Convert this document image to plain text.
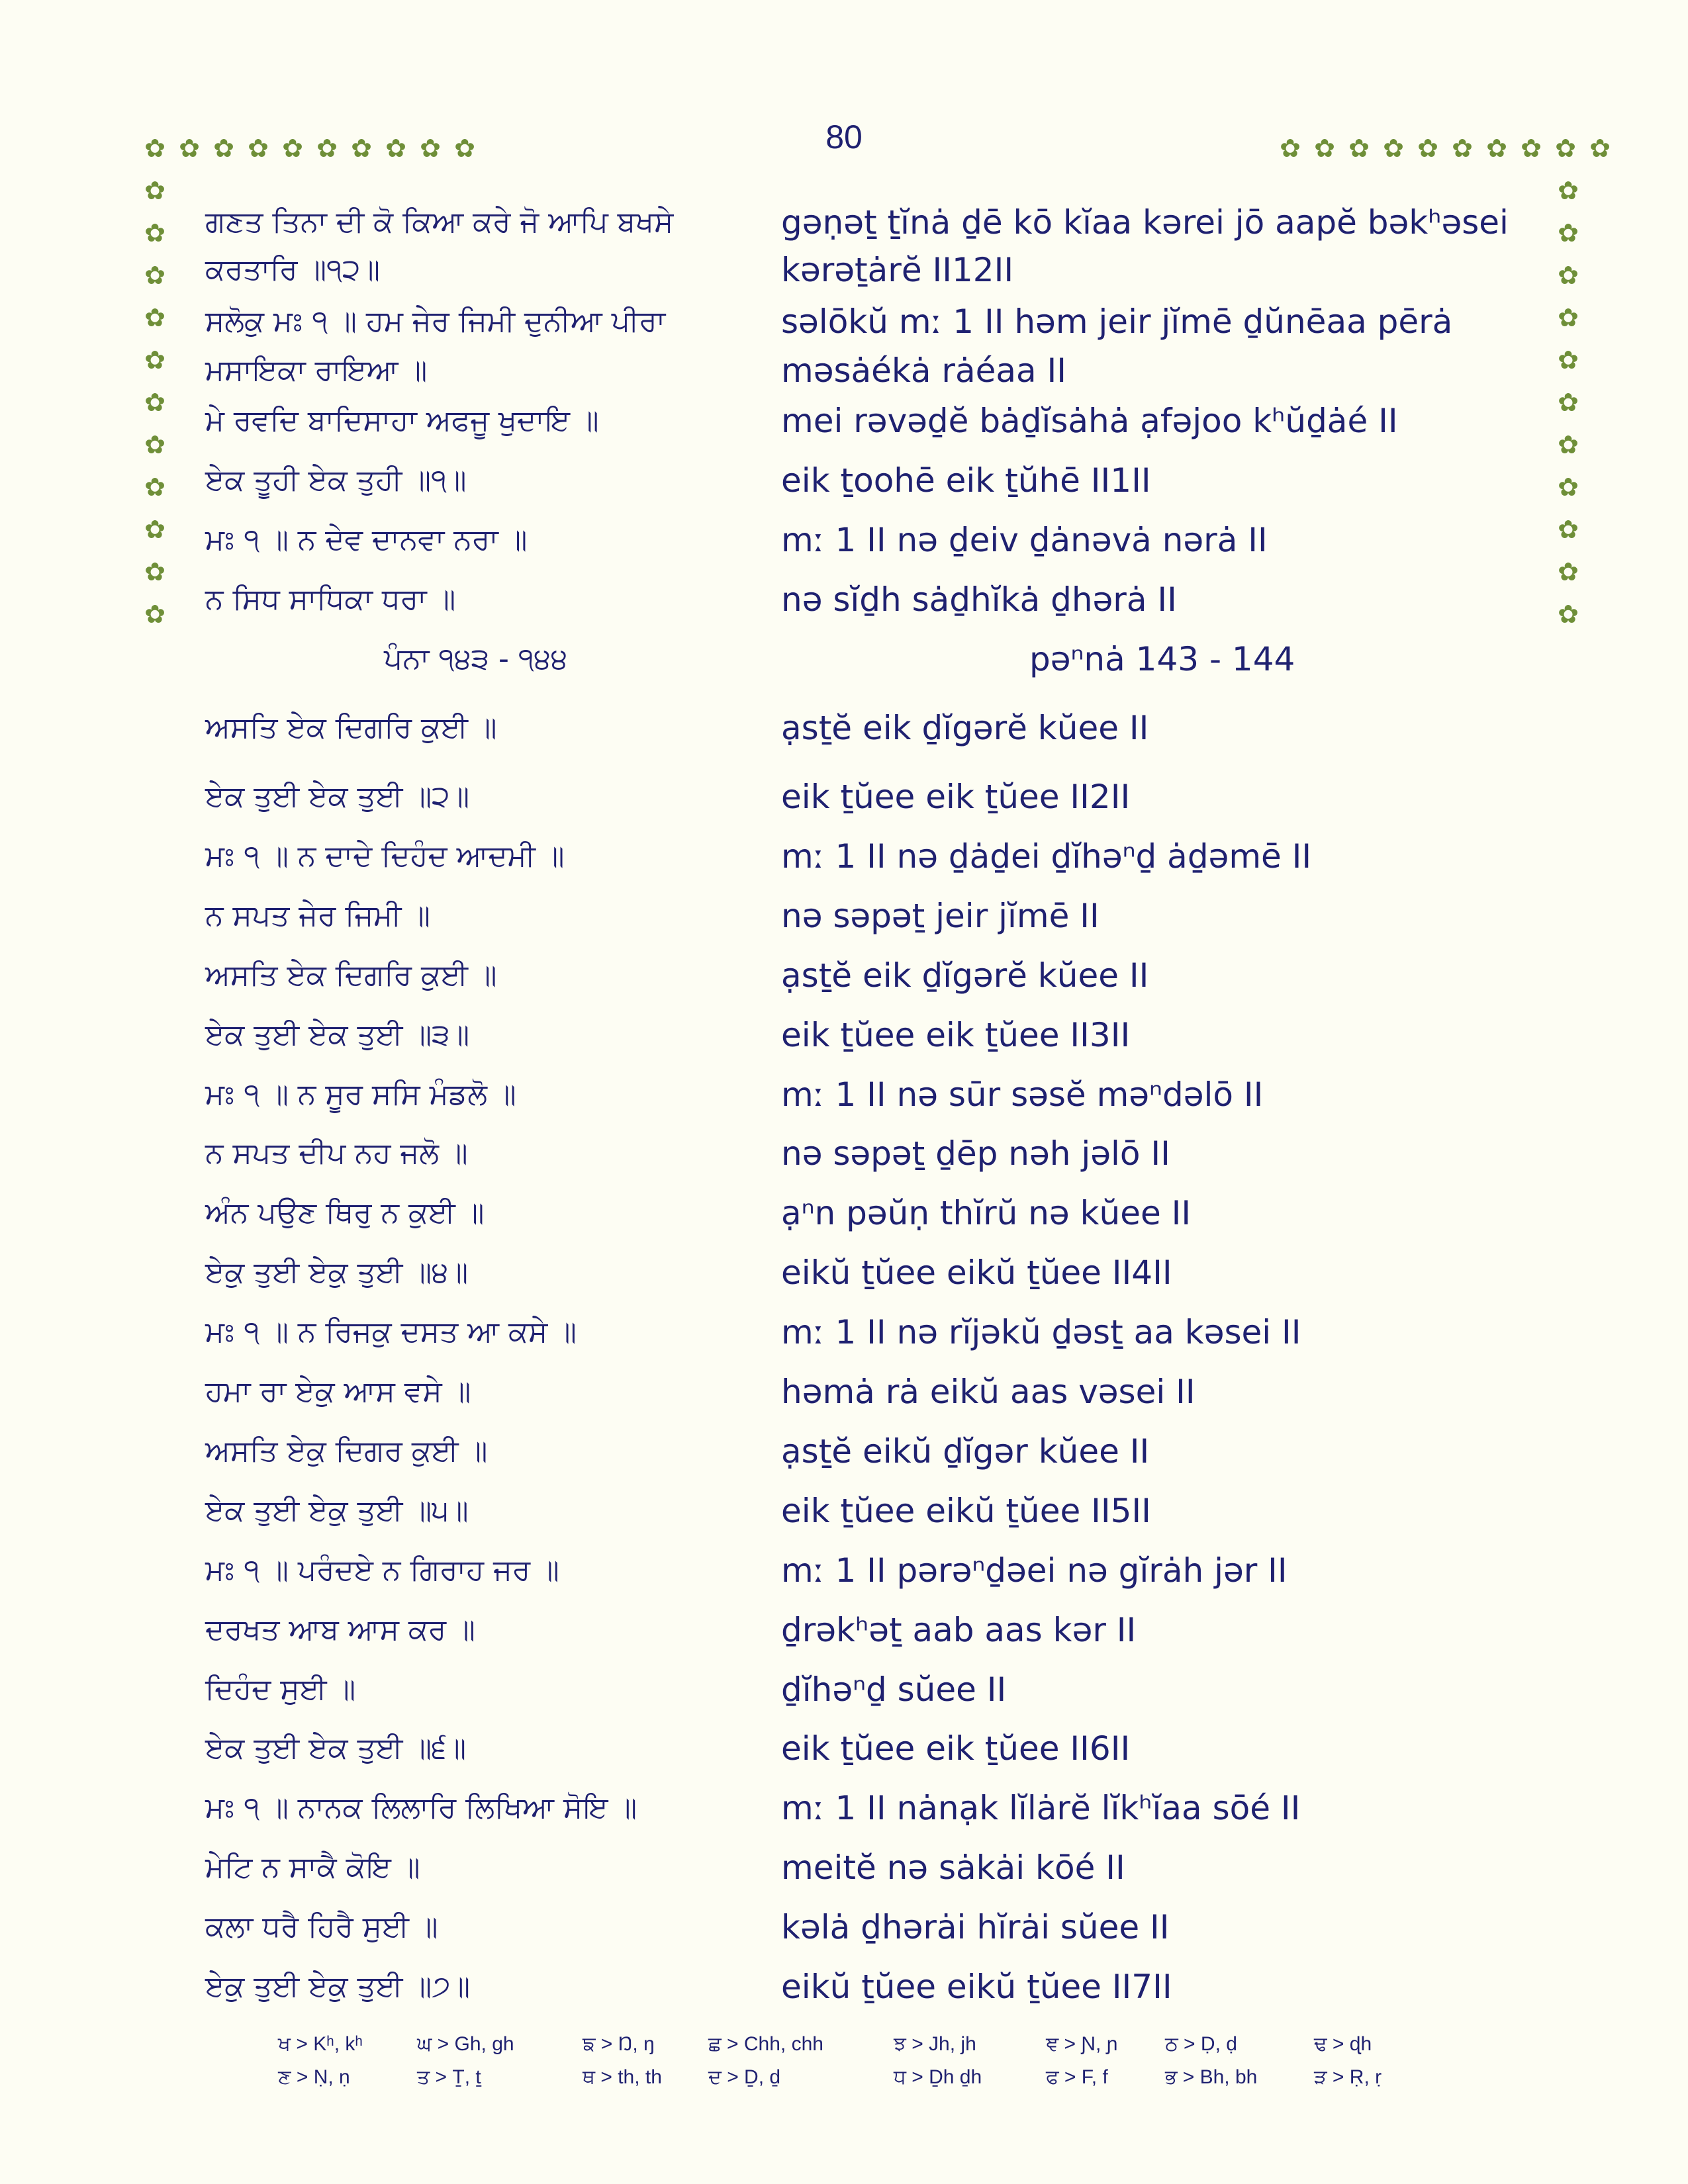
80
✿ ✿ ✿ ✿ ✿ ✿ ✿ ✿ ✿ ✿	✿ ✿ ✿ ✿ ✿ ✿ ✿ ✿ ✿ ✿
✿
✿
✿
✿
✿
✿
✿
✿
✿
✿
✿
✿
✿
✿
✿
✿
✿
✿
✿
✿
✿
✿
ਗਣਤ ਤਿਨਾ ਦੀ ਕੋ ਕਿਆ ਕਰੇ ਜੋ ਆਪਿ ਬਖਸੇ	gəṇəṯ ṯĭnȧ ḏē kō kĭaa kərei jō aapĕ bəkʰəsei
ਕਰਤਾਰਿ ॥੧੨॥	kərəṯȧrĕ II12II
ਸਲੋਕੁ ਮਃ ੧ ॥ ਹਮ ਜੇਰ ਜਿਮੀ ਦੁਨੀਆ ਪੀਰਾ	səlōkŭ mː 1 II həm jeir jĭmē ḏŭnēaa pērȧ
ਮਸਾਇਕਾ ਰਾਇਆ ॥	məsȧékȧ rȧéaa II
ਮੇ ਰਵਦਿ ਬਾਦਿਸਾਹਾ ਅਫਜੂ ਖੁਦਾਇ ॥	mei rəvəḏĕ bȧḏĭsȧhȧ ạfəjoo kʰŭḏȧé II
ਏਕ ਤੂਹੀ ਏਕ ਤੁਹੀ ॥੧॥	eik ṯoohē eik ṯŭhē II1II
ਮਃ ੧ ॥ ਨ ਦੇਵ ਦਾਨਵਾ ਨਰਾ ॥	mː 1 II nə ḏeiv ḏȧnəvȧ nərȧ II
ਨ ਸਿਧ ਸਾਧਿਕਾ ਧਰਾ ॥	nə sĭḏh sȧḏhĭkȧ ḏhərȧ II
ਪੰਨਾ ੧੪੩ - ੧੪੪	pəⁿnȧ 143 - 144
ਅਸਤਿ ਏਕ ਦਿਗਰਿ ਕੁਈ ॥	ạsṯĕ eik ḏĭgərĕ kŭee II
ਏਕ ਤੁਈ ਏਕ ਤੁਈ ॥੨॥	eik ṯŭee eik ṯŭee II2II
ਮਃ ੧ ॥ ਨ ਦਾਦੇ ਦਿਹੰਦ ਆਦਮੀ ॥	mː 1 II nə ḏȧḏei ḏĭhəⁿḏ ȧḏəmē II
ਨ ਸਪਤ ਜੇਰ ਜਿਮੀ ॥	nə səpəṯ jeir jĭmē II
ਅਸਤਿ ਏਕ ਦਿਗਰਿ ਕੁਈ ॥	ạsṯĕ eik ḏĭgərĕ kŭee II
ਏਕ ਤੁਈ ਏਕ ਤੁਈ ॥੩॥	eik ṯŭee eik ṯŭee II3II
ਮਃ ੧ ॥ ਨ ਸੂਰ ਸਸਿ ਮੰਡਲੋ ॥	mː 1 II nə sūr səsĕ məⁿdəlō II
ਨ ਸਪਤ ਦੀਪ ਨਹ ਜਲੋ ॥	nə səpəṯ ḏēp nəh jəlō II
ਅੰਨ ਪਉਣ ਥਿਰੁ ਨ ਕੁਈ ॥	ạⁿn pəŭṇ thĭrŭ nə kŭee II
ਏਕੁ ਤੁਈ ਏਕੁ ਤੁਈ ॥੪॥	eikŭ ṯŭee eikŭ ṯŭee II4II
ਮਃ ੧ ॥ ਨ ਰਿਜਕੁ ਦਸਤ ਆ ਕਸੇ ॥	mː 1 II nə rĭjəkŭ ḏəsṯ aa kəsei II
ਹਮਾ ਰਾ ਏਕੁ ਆਸ ਵਸੇ ॥	həmȧ rȧ eikŭ aas vəsei II
ਅਸਤਿ ਏਕੁ ਦਿਗਰ ਕੁਈ ॥	ạsṯĕ eikŭ ḏĭgər kŭee II
ਏਕ ਤੁਈ ਏਕੁ ਤੁਈ ॥੫॥	eik ṯŭee eikŭ ṯŭee II5II
ਮਃ ੧ ॥ ਪਰੰਦਏ ਨ ਗਿਰਾਹ ਜਰ ॥	mː 1 II pərəⁿḏəei nə gĭrȧh jər II
ਦਰਖਤ ਆਬ ਆਸ ਕਰ ॥	ḏrəkʰəṯ aab aas kər II
ਦਿਹੰਦ ਸੁਈ ॥	ḏĭhəⁿḏ sŭee II
ਏਕ ਤੁਈ ਏਕ ਤੁਈ ॥੬॥	eik ṯŭee eik ṯŭee II6II
ਮਃ ੧ ॥ ਨਾਨਕ ਲਿਲਾਰਿ ਲਿਖਿਆ ਸੋਇ ॥	mː 1 II nȧnạk lĭlȧrĕ lĭkʰĭaa sōé II
ਮੇਟਿ ਨ ਸਾਕੈ ਕੋਇ ॥	meitĕ nə sȧkȧi kōé II
ਕਲਾ ਧਰੈ ਹਿਰੈ ਸੁਈ ॥	kəlȧ ḏhərȧi hĭrȧi sŭee II
ਏਕੁ ਤੁਈ ਏਕੁ ਤੁਈ ॥੭॥	eikŭ ṯŭee eikŭ ṯŭee II7II
ਖ > Kʰ, kʰ	ਘ > Gh, gh	ਙ > Ŋ, ŋ	ਛ > Chh, chh	ਝ > Jh, jh	ਞ > Ɲ, ɲ ਠ > Ḍ, ḍ	ਢ > ɖh
ਣ > Ṇ, ṇ	ਤ > Ṯ, ṯ	ਥ > th, th ਦ > Ḏ, ḏ	ਧ > Ḏh ḏh	ਫ > F, f	ਭ > Bh, bh	ੜ > Ṛ, ṛ
